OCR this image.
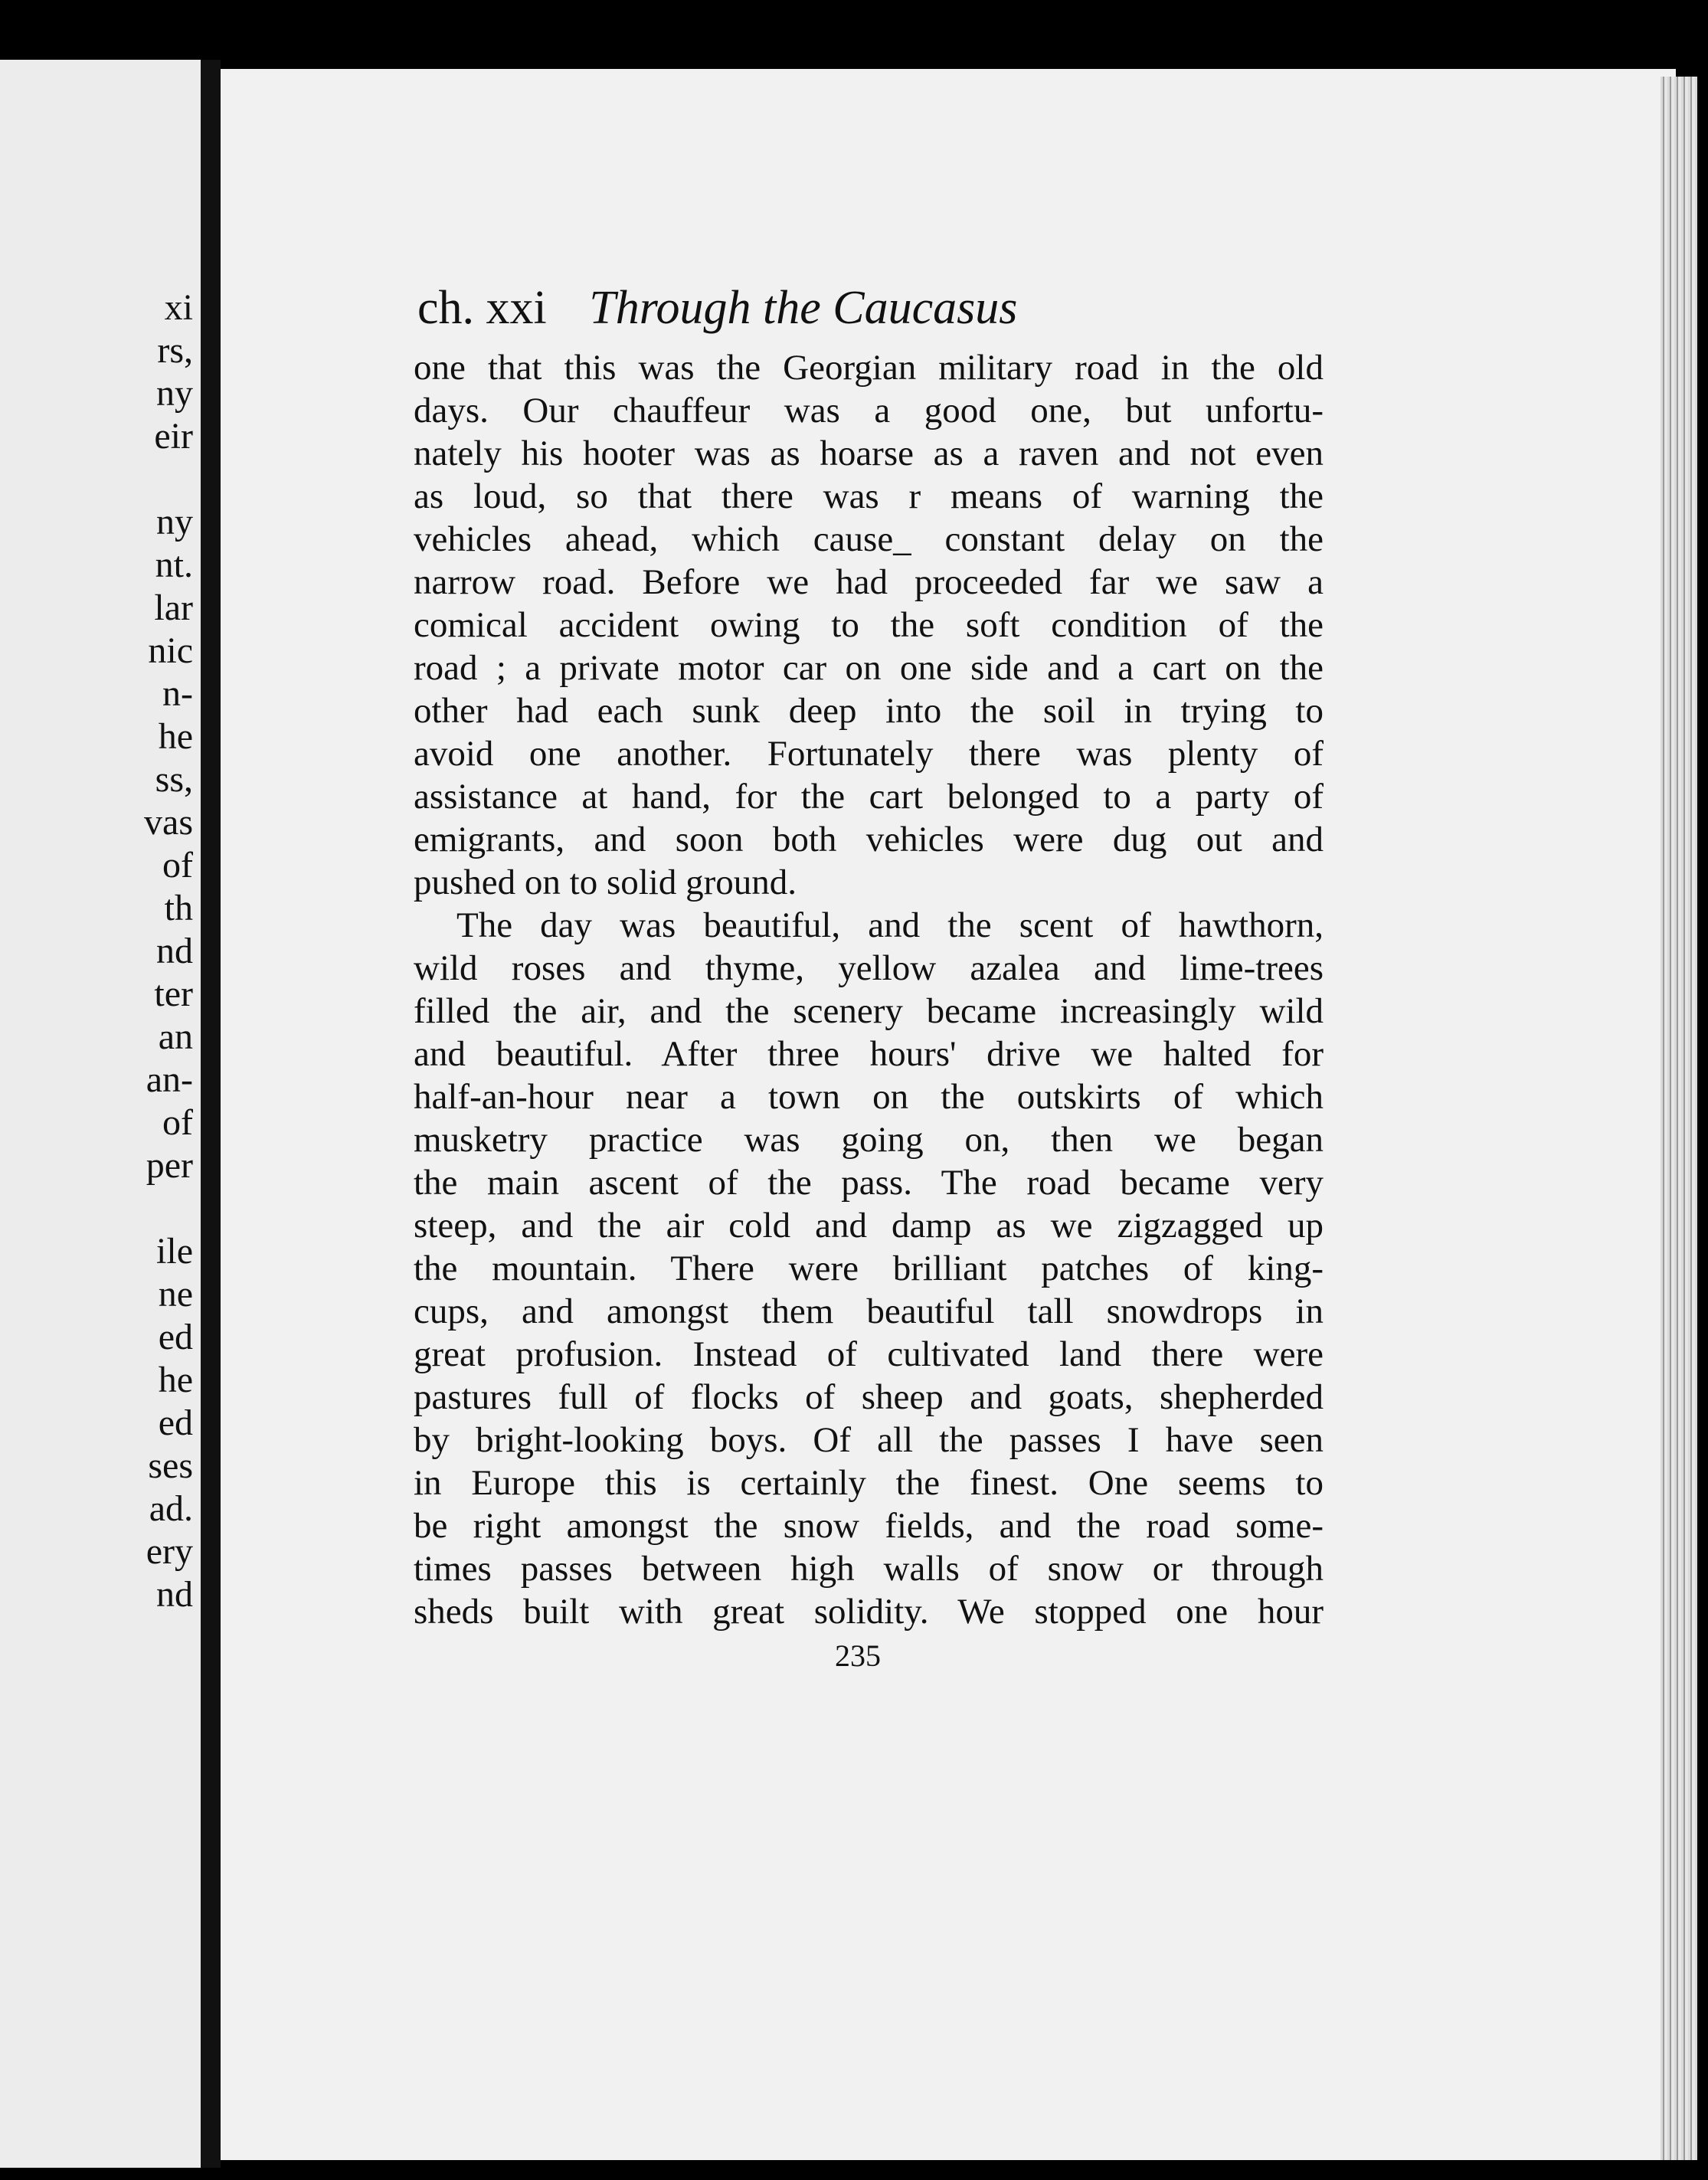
xi

rs,

ny

eir

ny

nt.

lar

nic

n-

he

ss,

vas

of

th

nd

ter

an

an-

of

per

ile

ne

ed

he

ed

ses

ad.

ery

nd

ch. xxi Through the Caucasus
one that this was the Georgian military road in the old
days. Our chauffeur was a good one, but unfortu-
nately his hooter was as hoarse as a raven and not even
as loud, so that there was r means of warning the
vehicles ahead, which cause_ constant delay on the
narrow road. Before we had proceeded far we saw a
comical accident owing to the soft condition of the
road ; a private motor car on one side and a cart on the
other had each sunk deep into the soil in trying to
avoid one another. Fortunately there was plenty of
assistance at hand, for the cart belonged to a party of
emigrants, and soon both vehicles were dug out and
pushed on to solid ground.
The day was beautiful, and the scent of hawthorn,
wild roses and thyme, yellow azalea and lime-trees
filled the air, and the scenery became increasingly wild
and beautiful. After three hours' drive we halted for
half-an-hour near a town on the outskirts of which
musketry practice was going on, then we began
the main ascent of the pass. The road became very
steep, and the air cold and damp as we zigzagged up
the mountain. There were brilliant patches of king-
cups, and amongst them beautiful tall snowdrops in
great profusion. Instead of cultivated land there were
pastures full of flocks of sheep and goats, shepherded
by bright-looking boys. Of all the passes I have seen
in Europe this is certainly the finest. One seems to
be right amongst the snow fields, and the road some-
times passes between high walls of snow or through
sheds built with great solidity. We stopped one hour
235
